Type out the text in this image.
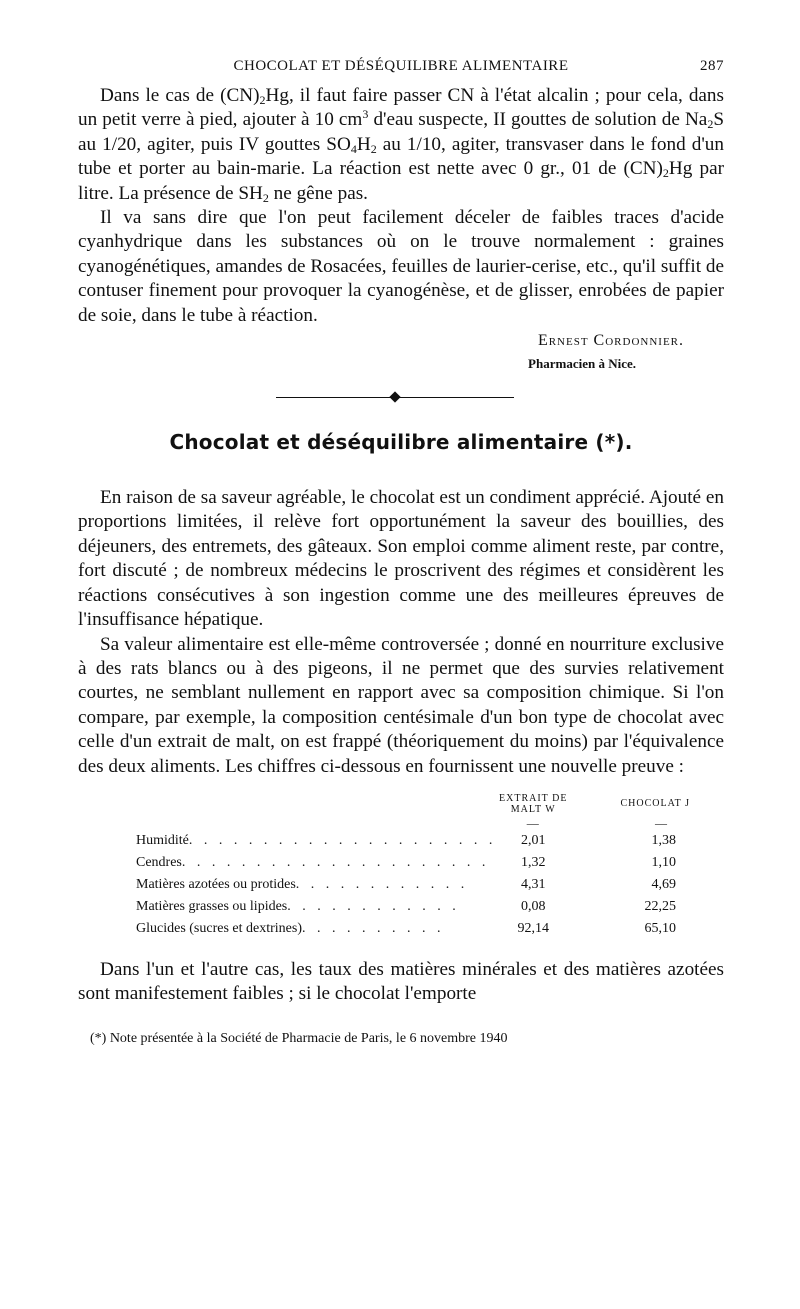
CHOCOLAT ET DÉSÉQUILIBRE ALIMENTAIRE	287

Dans le cas de $(CN)_2Hg$, il faut faire passer CN à l'état alcalin ; pour cela, dans un petit verre à pied, ajouter à 10 $cm^3$ d'eau suspecte, II gouttes de solution de $Na_2S$ au 1/20, agiter, puis IV gouttes $SO_4H_2$ au 1/10, agiter, transvaser dans le fond d'un tube et porter au bain-marie. La réaction est nette avec 0 gr., 01 de $(CN)_2Hg$ par litre. La présence de $SH_2$ ne gêne pas.

Il va sans dire que l'on peut facilement déceler de faibles traces d'acide cyanhydrique dans les substances où on le trouve normalement : graines cyanogénétiques, amandes de Rosacées, feuilles de laurier-cerise, etc., qu'il suffit de contuser finement pour provoquer la cyanogénèse, et de glisser, enrobées de papier de soie, dans le tube à réaction.

Ernest Cordonnier.
Pharmacien à Nice.
Chocolat et déséquilibre alimentaire (*).

En raison de sa saveur agréable, le chocolat est un condiment apprécié. Ajouté en proportions limitées, il relève fort opportunément la saveur des bouillies, des déjeuners, des entremets, des gâteaux. Son emploi comme aliment reste, par contre, fort discuté ; de nombreux médecins le proscrivent des régimes et considèrent les réactions consécutives à son ingestion comme une des meilleures épreuves de l'insuffisance hépatique.

Sa valeur alimentaire est elle-même controversée ; donné en nourriture exclusive à des rats blancs ou à des pigeons, il ne permet que des survies relativement courtes, ne semblant nullement en rapport avec sa composition chimique. Si l'on compare, par exemple, la composition centésimale d'un bon type de chocolat avec celle d'un extrait de malt, on est frappé (théoriquement du moins) par l'équivalence des deux aliments. Les chiffres ci-dessous en fournissent une nouvelle preuve :

	EXTRAIT DE MALT W	CHOCOLAT J
	—	—
Humidité. . . . . . . . . . . . . . . . . . . . .	2,01	1,38
Cendres. . . . . . . . . . . . . . . . . . . . .	1,32	1,10
Matières azotées ou protides. . . . . . . . . . . .	4,31	4,69
Matières grasses ou lipides. . . . . . . . . . . .	0,08	22,25
Glucides (sucres et dextrines). . . . . . . . . .	92,14	65,10

Dans l'un et l'autre cas, les taux des matières minérales et des matières azotées sont manifestement faibles ; si le chocolat l'emporte

(*) Note présentée à la Société de Pharmacie de Paris, le 6 novembre 1940
